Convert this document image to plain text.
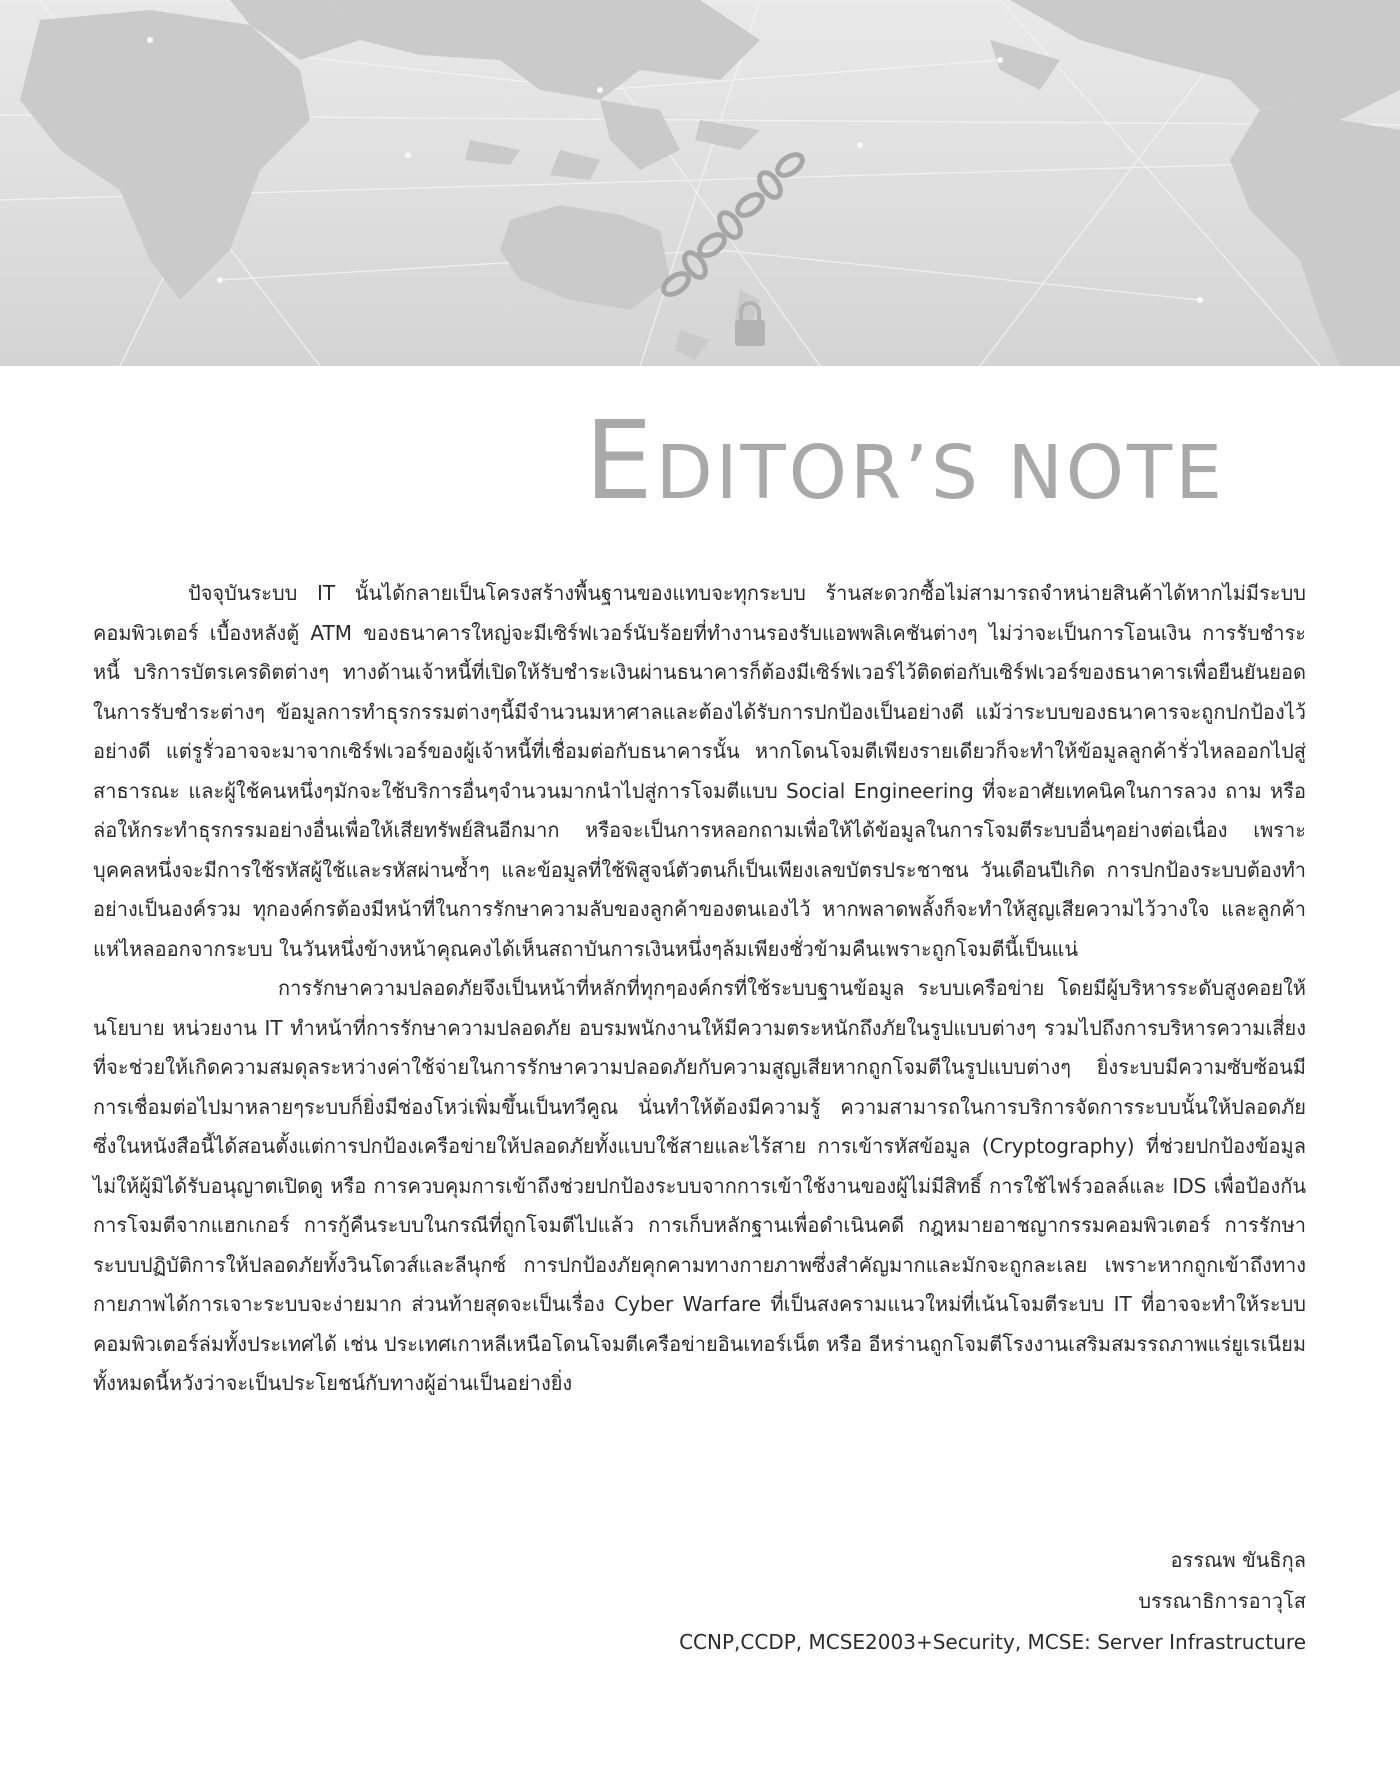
EDITOR’S NOTE

ปัจจุบันระบบ IT นั้นได้กลายเป็นโครงสร้างพื้นฐานของแทบจะทุกระบบ ร้านสะดวกซื้อไม่สามารถจำหน่ายสินค้าได้หากไม่มีระบบคอมพิวเตอร์ เบื้องหลังตู้ ATM ของธนาคารใหญ่จะมีเซิร์ฟเวอร์นับร้อยที่ทำงานรองรับแอพพลิเคชันต่างๆ ไม่ว่าจะเป็นการโอนเงิน การรับชำระหนี้ บริการบัตรเครดิตต่างๆ ทางด้านเจ้าหนี้ที่เปิดให้รับชำระเงินผ่านธนาคารก็ต้องมีเซิร์ฟเวอร์ไว้ติดต่อกับเซิร์ฟเวอร์ของธนาคารเพื่อยืนยันยอดในการรับชำระต่างๆ ข้อมูลการทำธุรกรรมต่างๆนี้มีจำนวนมหาศาลและต้องได้รับการปกป้องเป็นอย่างดี แม้ว่าระบบของธนาคารจะถูกปกป้องไว้อย่างดี แต่รูรั่วอาจจะมาจากเซิร์ฟเวอร์ของผู้เจ้าหนี้ที่เชื่อมต่อกับธนาคารนั้น หากโดนโจมตีเพียงรายเดียวก็จะทำให้ข้อมูลลูกค้ารั่วไหลออกไปสู่สาธารณะ และผู้ใช้คนหนึ่งๆมักจะใช้บริการอื่นๆจำนวนมากนำไปสู่การโจมตีแบบ Social Engineering ที่จะอาศัยเทคนิคในการลวง ถาม หรือล่อให้กระทำธุรกรรมอย่างอื่นเพื่อให้เสียทรัพย์สินอีกมาก หรือจะเป็นการหลอกถามเพื่อให้ได้ข้อมูลในการโจมตีระบบอื่นๆอย่างต่อเนื่อง เพราะบุคคลหนึ่งจะมีการใช้รหัสผู้ใช้และรหัสผ่านซ้ำๆ และข้อมูลที่ใช้พิสูจน์ตัวตนก็เป็นเพียงเลขบัตรประชาชน วันเดือนปีเกิด การปกป้องระบบต้องทำอย่างเป็นองค์รวม ทุกองค์กรต้องมีหน้าที่ในการรักษาความลับของลูกค้าของตนเองไว้ หากพลาดพลั้งก็จะทำให้สูญเสียความไว้วางใจ และลูกค้าแห่ไหลออกจากระบบ ในวันหนึ่งข้างหน้าคุณคงได้เห็นสถาบันการเงินหนึ่งๆล้มเพียงชั่วข้ามคืนเพราะถูกโจมตีนี้เป็นแน่

การรักษาความปลอดภัยจึงเป็นหน้าที่หลักที่ทุกๆองค์กรที่ใช้ระบบฐานข้อมูล ระบบเครือข่าย โดยมีผู้บริหารระดับสูงคอยให้นโยบาย หน่วยงาน IT ทำหน้าที่การรักษาความปลอดภัย อบรมพนักงานให้มีความตระหนักถึงภัยในรูปแบบต่างๆ รวมไปถึงการบริหารความเสี่ยงที่จะช่วยให้เกิดความสมดุลระหว่างค่าใช้จ่ายในการรักษาความปลอดภัยกับความสูญเสียหากถูกโจมตีในรูปแบบต่างๆ ยิ่งระบบมีความซับซ้อนมีการเชื่อมต่อไปมาหลายๆระบบก็ยิ่งมีช่องโหว่เพิ่มขึ้นเป็นทวีคูณ นั่นทำให้ต้องมีความรู้ ความสามารถในการบริการจัดการระบบนั้นให้ปลอดภัย ซึ่งในหนังสือนี้ได้สอนตั้งแต่การปกป้องเครือข่ายให้ปลอดภัยทั้งแบบใช้สายและไร้สาย การเข้ารหัสข้อมูล (Cryptography) ที่ช่วยปกป้องข้อมูลไม่ให้ผู้มิได้รับอนุญาตเปิดดู หรือ การควบคุมการเข้าถึงช่วยปกป้องระบบจากการเข้าใช้งานของผู้ไม่มีสิทธิ์ การใช้ไฟร์วอลล์และ IDS เพื่อป้องกันการโจมตีจากแฮกเกอร์ การกู้คืนระบบในกรณีที่ถูกโจมตีไปแล้ว การเก็บหลักฐานเพื่อดำเนินคดี กฎหมายอาชญากรรมคอมพิวเตอร์ การรักษาระบบปฏิบัติการให้ปลอดภัยทั้งวินโดวส์และลีนุกซ์ การปกป้องภัยคุกคามทางกายภาพซึ่งสำคัญมากและมักจะถูกละเลย เพราะหากถูกเข้าถึงทางกายภาพได้การเจาะระบบจะง่ายมาก ส่วนท้ายสุดจะเป็นเรื่อง Cyber Warfare ที่เป็นสงครามแนวใหม่ที่เน้นโจมตีระบบ IT ที่อาจจะทำให้ระบบคอมพิวเตอร์ล่มทั้งประเทศได้ เช่น ประเทศเกาหลีเหนือโดนโจมตีเครือข่ายอินเทอร์เน็ต หรือ อีหร่านถูกโจมตีโรงงานเสริมสมรรถภาพแร่ยูเรเนียม ทั้งหมดนี้หวังว่าจะเป็นประโยชน์กับทางผู้อ่านเป็นอย่างยิ่ง

อรรณพ ขันธิกุล
บรรณาธิการอาวุโส
CCNP,CCDP, MCSE2003+Security, MCSE: Server Infrastructure
